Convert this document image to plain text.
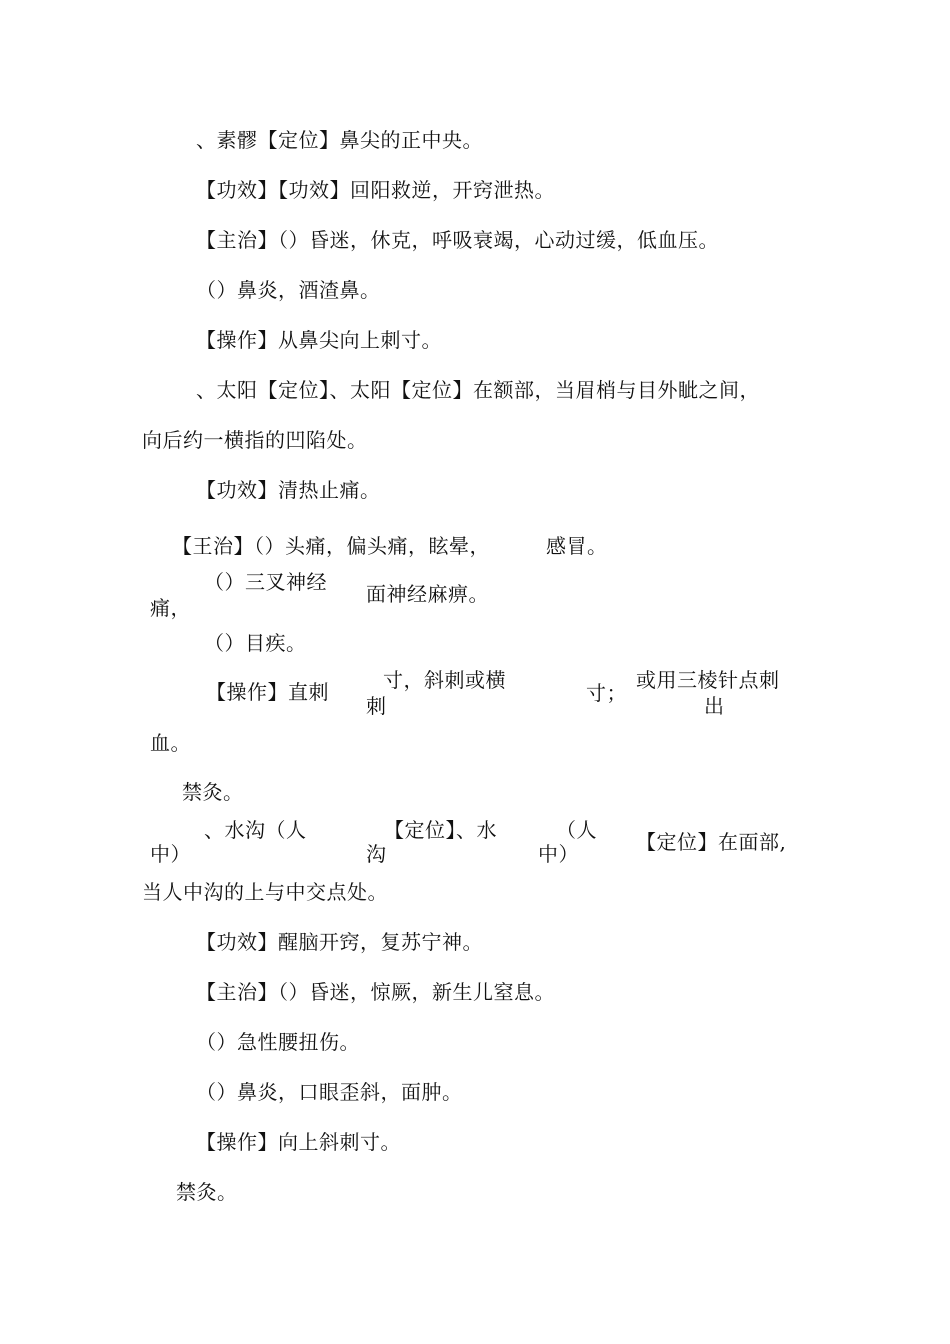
、素髎【定位】鼻尖的正中央。
【功效】【功效】回阳救逆，开窍泄热。
【主治】（）昏迷，休克，呼吸衰竭，心动过缓，低血压。
（）鼻炎，酒渣鼻。
【操作】从鼻尖向上刺寸。
、太阳【定位】、太阳【定位】在额部，当眉梢与目外眦之间，
向后约一横指的凹陷处。
【功效】清热止痛。
【王治】（）头痛，偏头痛，眩晕，	感冒。
（）三叉神经
痛，
面神经麻痹。
（）目疾。
【操作】直刺	寸，斜刺或横
刺
寸；
或用三棱针点刺
出
血。
禁灸。
、水沟（人
中）
【定位】、水
沟
（人
中）	【定位】在面部,
当人中沟的上与中交点处。
【功效】醒脑开窍，复苏宁神。
【主治】（）昏迷，惊厥，新生儿窒息。
（）急性腰扭伤。
（）鼻炎，口眼歪斜，面肿。
【操作】向上斜刺寸。
禁灸。
